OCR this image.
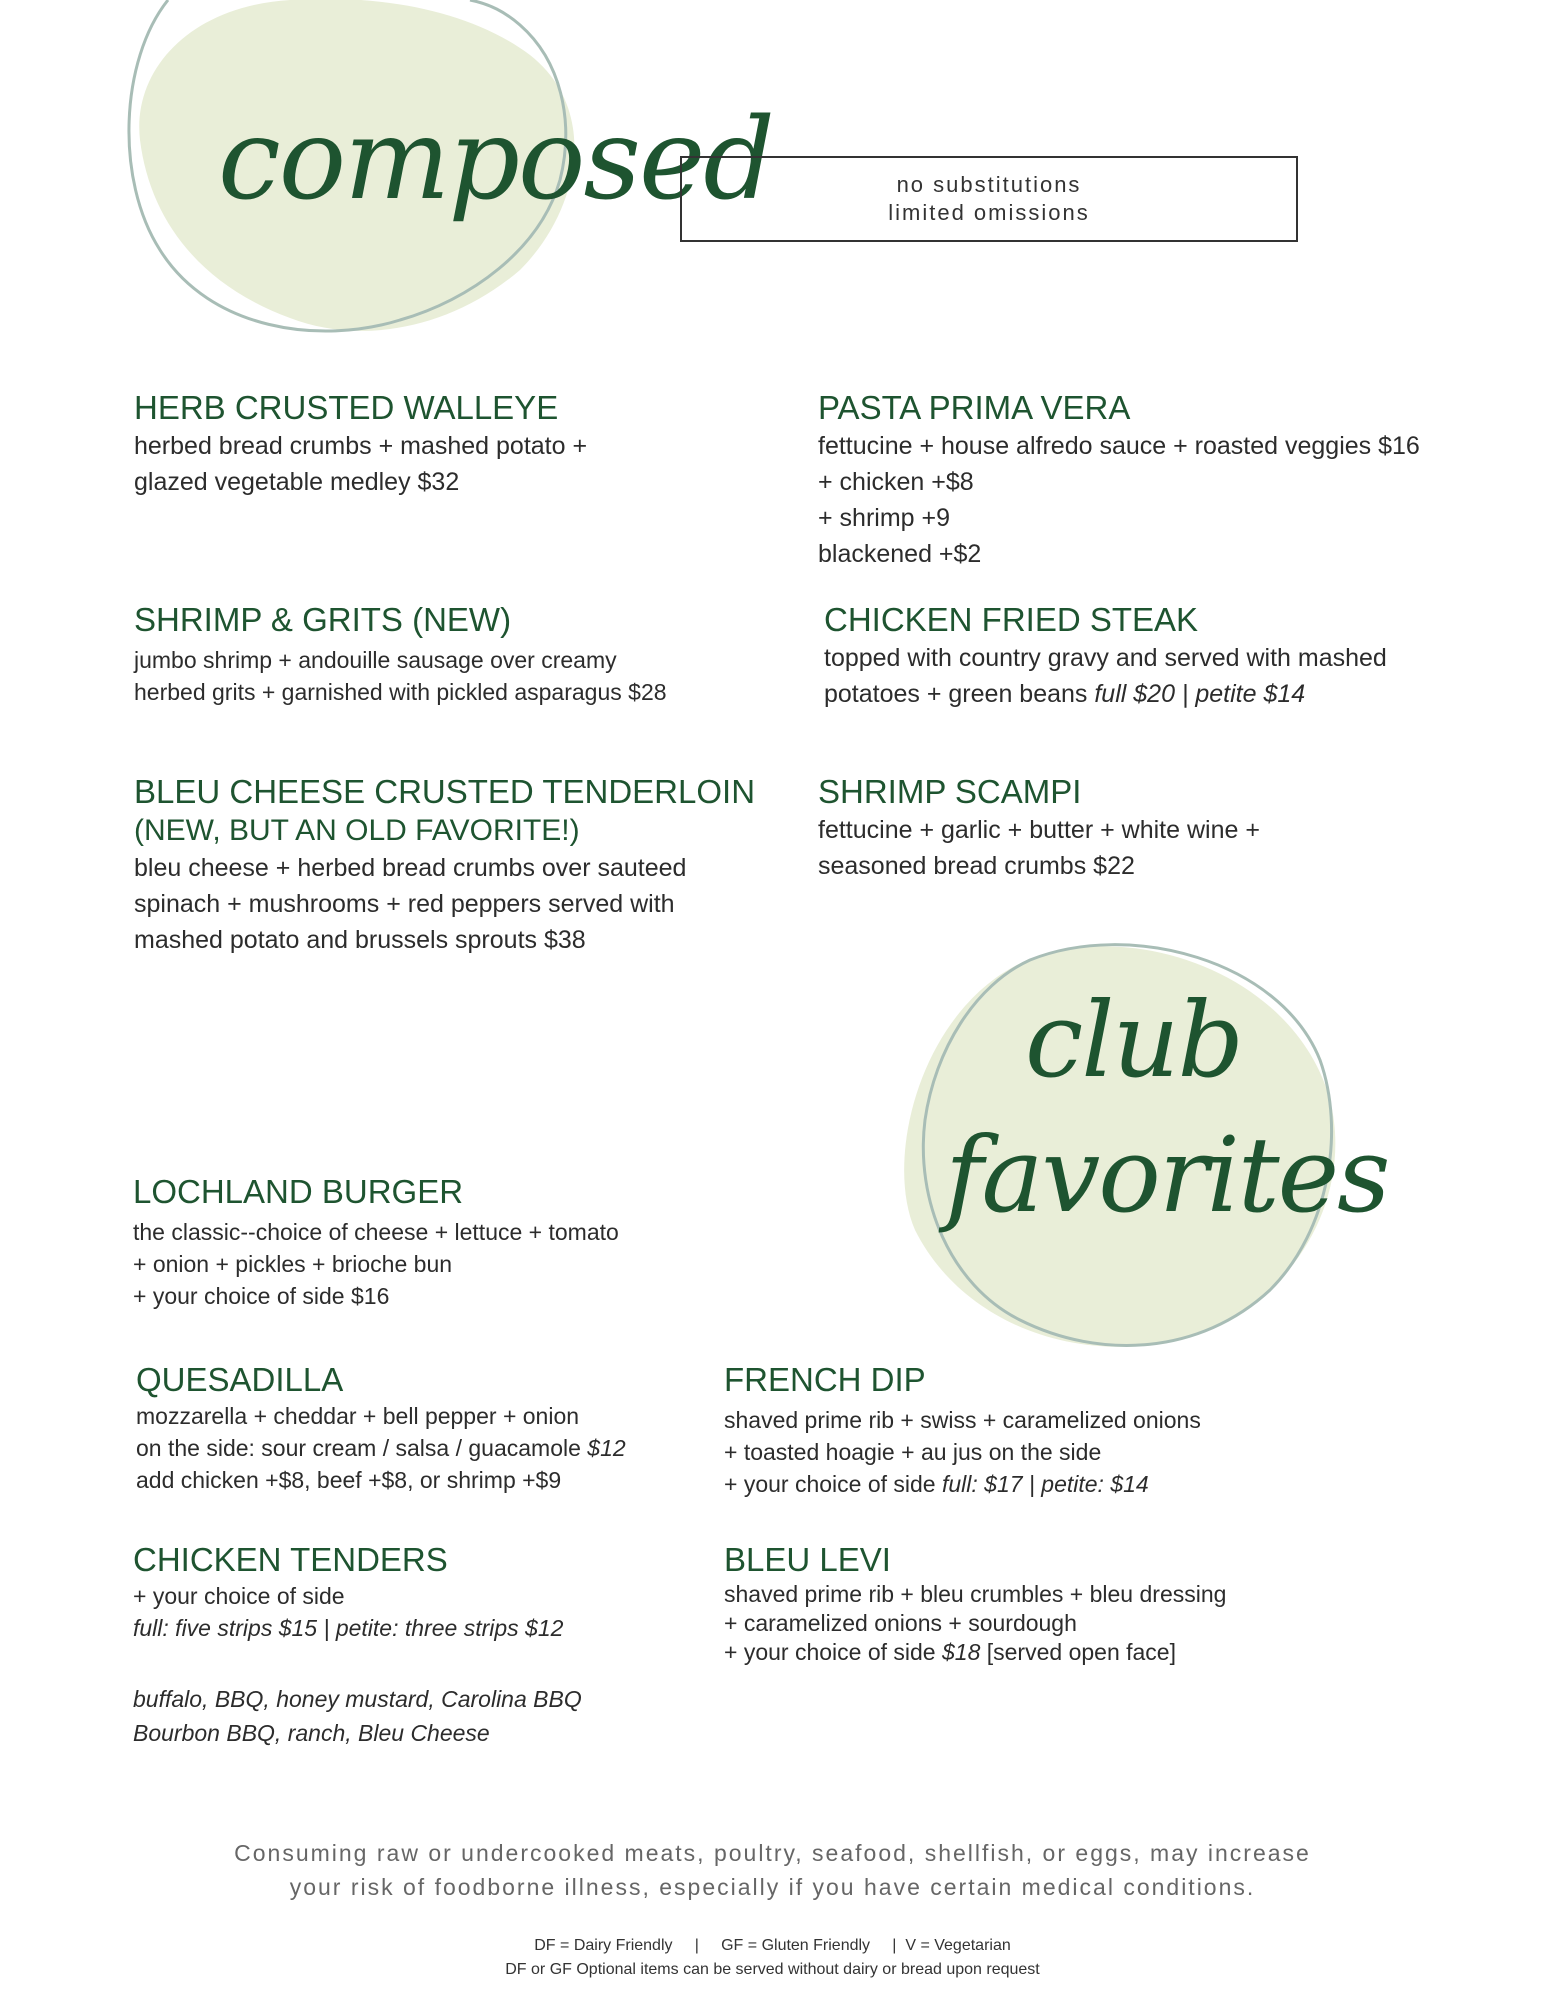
composed
club
favorites
no substitutions
limited omissions
HERB CRUSTED WALLEYE
herbed bread crumbs + mashed potato +
glazed vegetable medley $32
PASTA PRIMA VERA
fettucine + house alfredo sauce + roasted veggies $16
+ chicken +$8
+ shrimp +9
blackened +$2
SHRIMP & GRITS (NEW)
jumbo shrimp + andouille sausage over creamy
herbed grits + garnished with pickled asparagus $28
CHICKEN FRIED STEAK
topped with country gravy and served with mashed
potatoes + green beans full $20 | petite $14
BLEU CHEESE CRUSTED TENDERLOIN
(NEW, BUT AN OLD FAVORITE!)
bleu cheese + herbed bread crumbs over sauteed
spinach + mushrooms + red peppers served with
mashed potato and brussels sprouts $38
SHRIMP SCAMPI
fettucine + garlic + butter + white wine +
seasoned bread crumbs $22
LOCHLAND BURGER
the classic--choice of cheese + lettuce + tomato
+ onion + pickles + brioche bun
+ your choice of side $16
QUESADILLA
mozzarella + cheddar + bell pepper + onion
on the side: sour cream / salsa / guacamole $12
add chicken +$8, beef +$8, or shrimp +$9
FRENCH DIP
shaved prime rib + swiss + caramelized onions
+ toasted hoagie + au jus on the side
+ your choice of side full: $17 | petite: $14
CHICKEN TENDERS
+ your choice of side
full: five strips $15 | petite: three strips $12
buffalo, BBQ, honey mustard, Carolina BBQ
Bourbon BBQ, ranch, Bleu Cheese
BLEU LEVI
shaved prime rib + bleu crumbles + bleu dressing
+ caramelized onions + sourdough
+ your choice of side $18 [served open face]
Consuming raw or undercooked meats, poultry, seafood, shellfish, or eggs, may increase
your risk of foodborne illness, especially if you have certain medical conditions.
DF = Dairy Friendly     |     GF = Gluten Friendly     |  V = Vegetarian
DF or GF Optional items can be served without dairy or bread upon request
